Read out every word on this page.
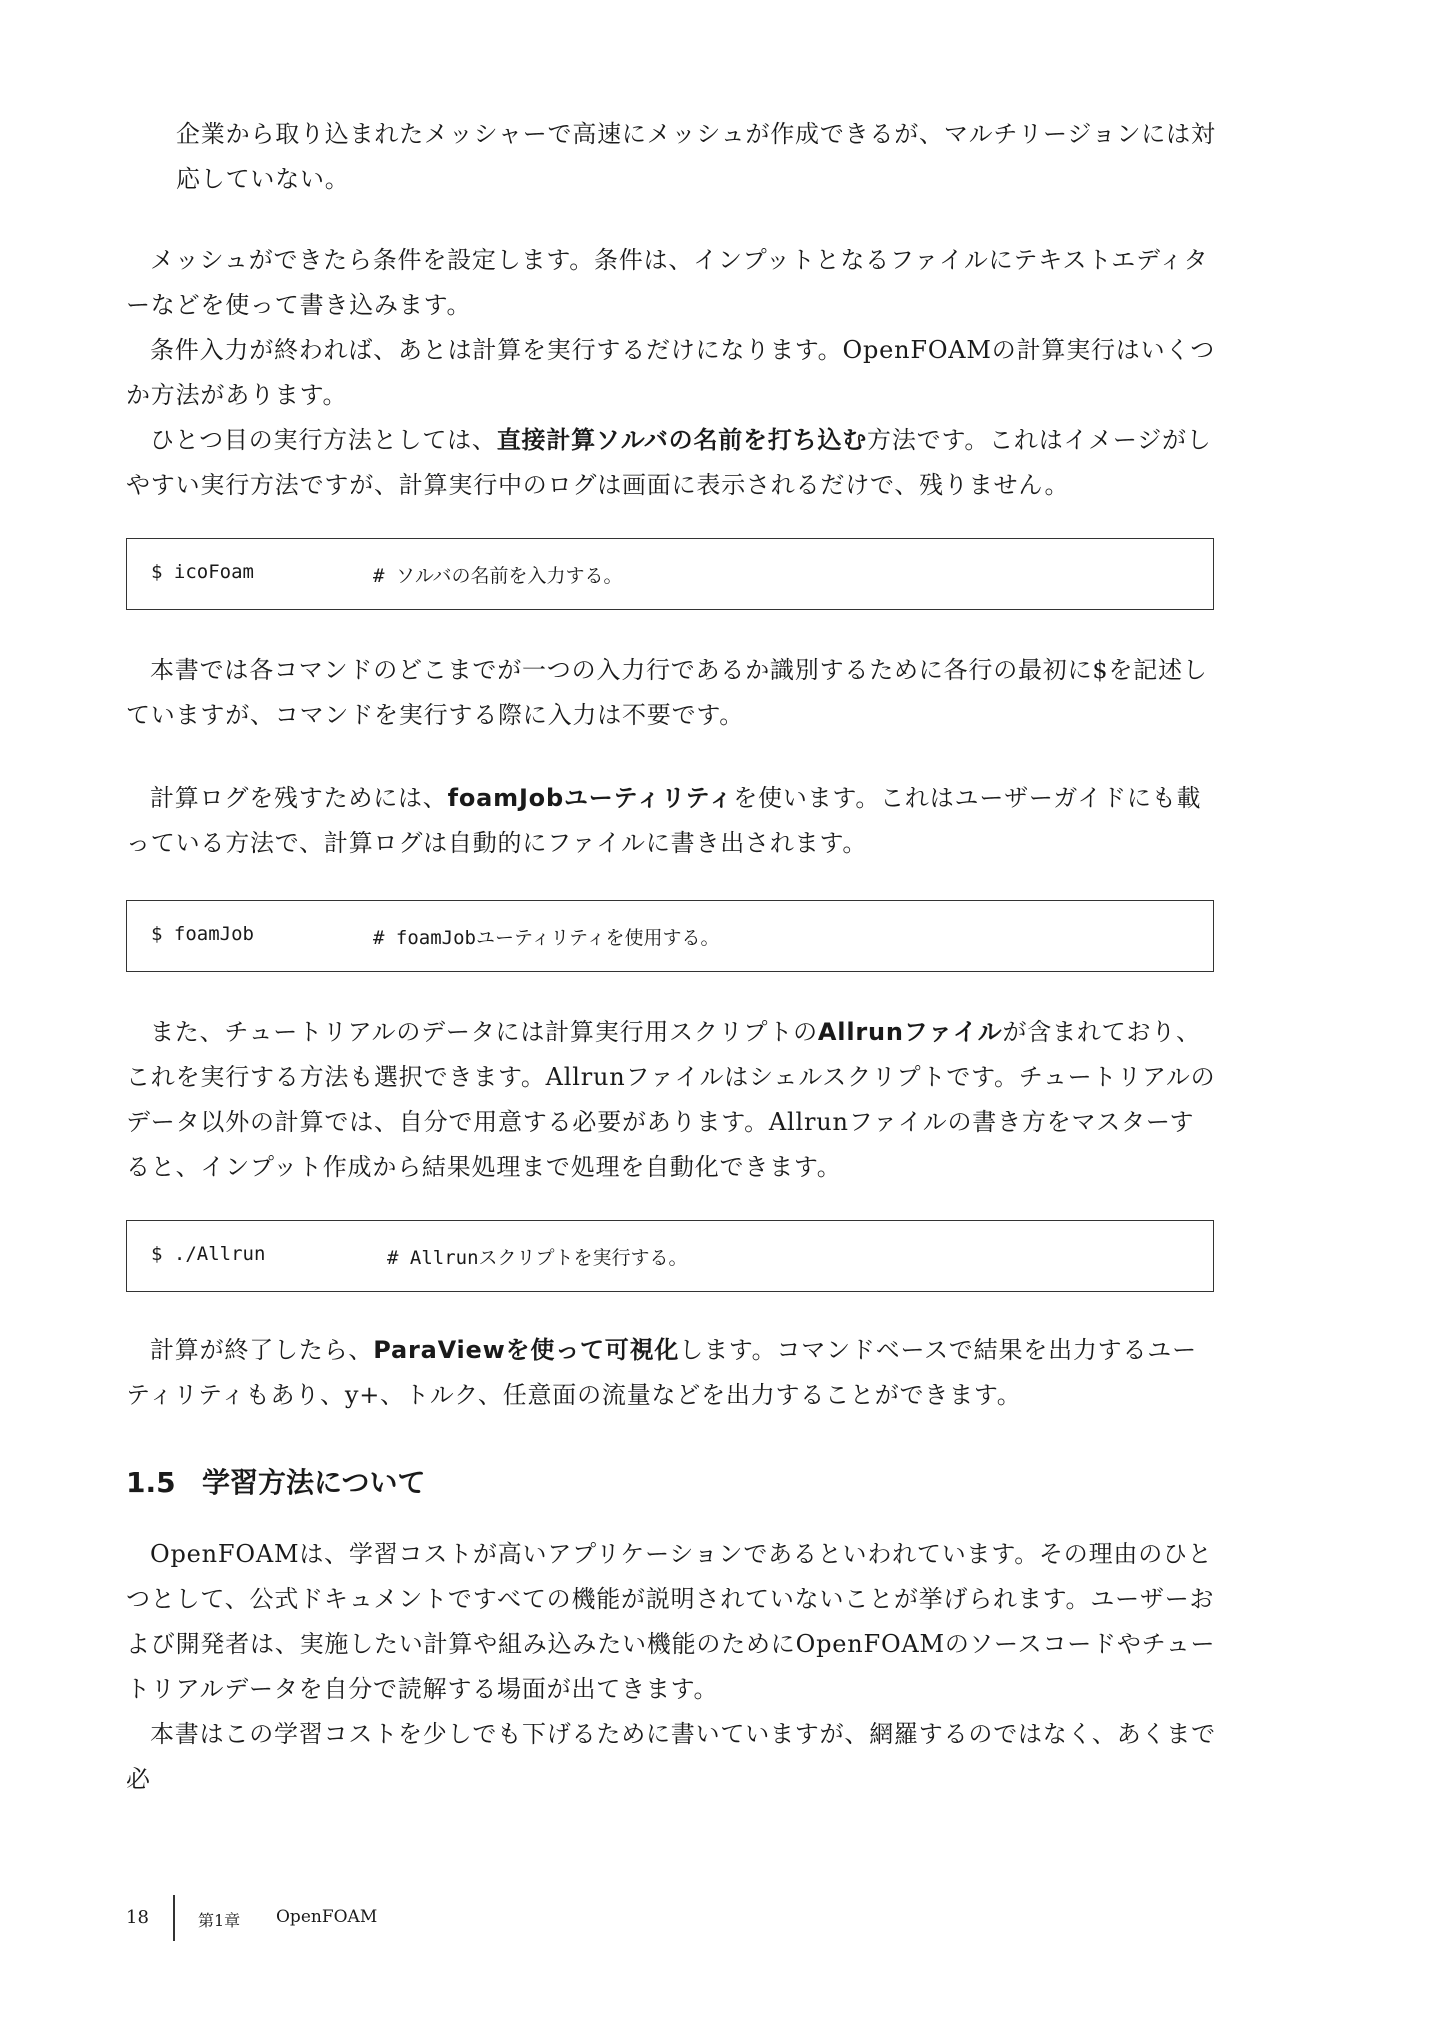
企業から取り込まれたメッシャーで高速にメッシュが作成できるが、マルチリージョンには対応していない。

メッシュができたら条件を設定します。条件は、インプットとなるファイルにテキストエディターなどを使って書き込みます。

条件入力が終われば、あとは計算を実行するだけになります。OpenFOAMの計算実行はいくつか方法があります。

ひとつ目の実行方法としては、直接計算ソルバの名前を打ち込む方法です。これはイメージがしやすい実行方法ですが、計算実行中のログは画面に表示されるだけで、残りません。

$ icoFoam	# ソルバの名前を入力する。

本書では各コマンドのどこまでが一つの入力行であるか識別するために各行の最初に$を記述していますが、コマンドを実行する際に入力は不要です。

計算ログを残すためには、foamJobユーティリティを使います。これはユーザーガイドにも載っている方法で、計算ログは自動的にファイルに書き出されます。

$ foamJob	# foamJobユーティリティを使用する。

また、チュートリアルのデータには計算実行用スクリプトのAllrunファイルが含まれており、これを実行する方法も選択できます。Allrunファイルはシェルスクリプトです。チュートリアルのデータ以外の計算では、自分で用意する必要があります。Allrunファイルの書き方をマスターすると、インプット作成から結果処理まで処理を自動化できます。

$ ./Allrun	# Allrunスクリプトを実行する。

計算が終了したら、ParaViewを使って可視化します。コマンドベースで結果を出力するユーティリティもあり、y+、トルク、任意面の流量などを出力することができます。

1.5 学習方法について

OpenFOAMは、学習コストが高いアプリケーションであるといわれています。その理由のひとつとして、公式ドキュメントですべての機能が説明されていないことが挙げられます。ユーザーおよび開発者は、実施したい計算や組み込みたい機能のためにOpenFOAMのソースコードやチュートリアルデータを自分で読解する場面が出てきます。

本書はこの学習コストを少しでも下げるために書いていますが、網羅するのではなく、あくまで必

18	第1章 OpenFOAM
